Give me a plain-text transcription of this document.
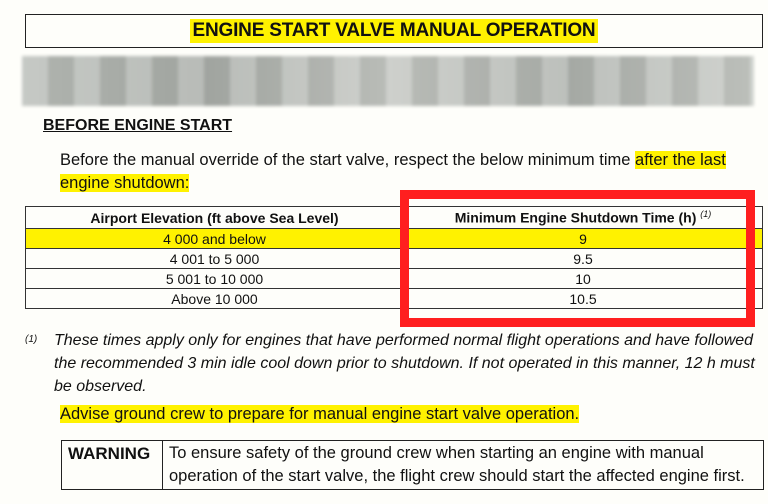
ENGINE START VALVE MANUAL OPERATION
BEFORE ENGINE START
Before the manual override of the start valve, respect the below minimum time after the last engine shutdown:
Airport Elevation (ft above Sea Level)	Minimum Engine Shutdown Time (h) $^{(1)}$
4 000 and below	9
4 001 to 5 000	9.5
5 001 to 10 000	10
Above 10 000	10.5
(1) These times apply only for engines that have performed normal flight operations and have followed the recommended 3 min idle cool down prior to shutdown. If not operated in this manner, 12 h must be observed.
Advise ground crew to prepare for manual engine start valve operation.
WARNING	To ensure safety of the ground crew when starting an engine with manual operation of the start valve, the flight crew should start the affected engine first.
